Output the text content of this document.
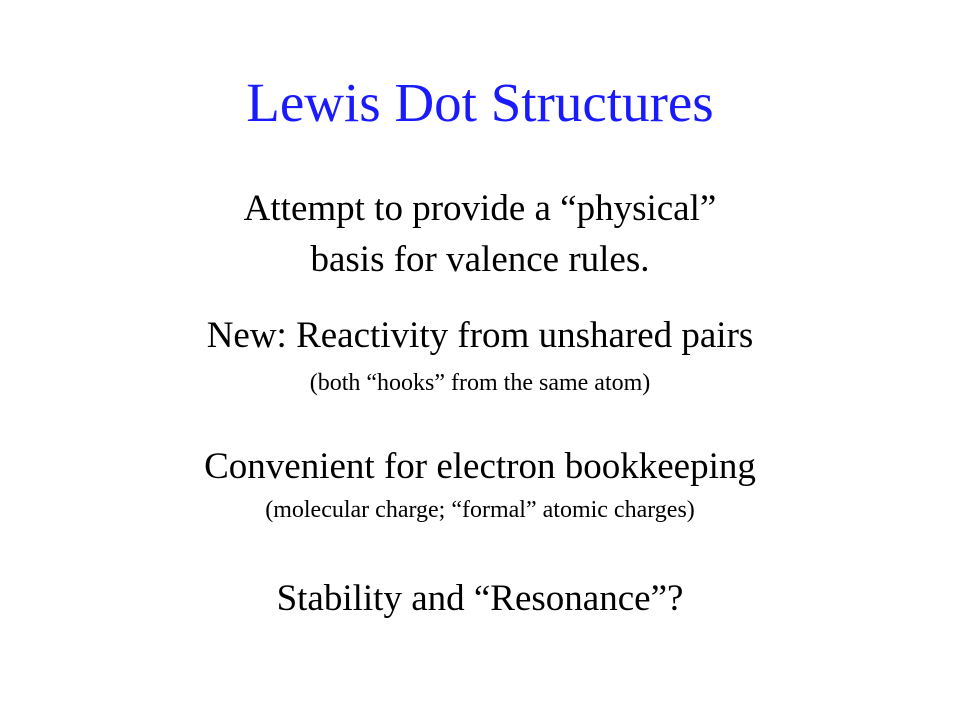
Lewis Dot Structures

Attempt to provide a “physical”

basis for valence rules.

New: Reactivity from unshared pairs

(both “hooks” from the same atom)

Convenient for electron bookkeeping

(molecular charge; “formal” atomic charges)

Stability and “Resonance”?
